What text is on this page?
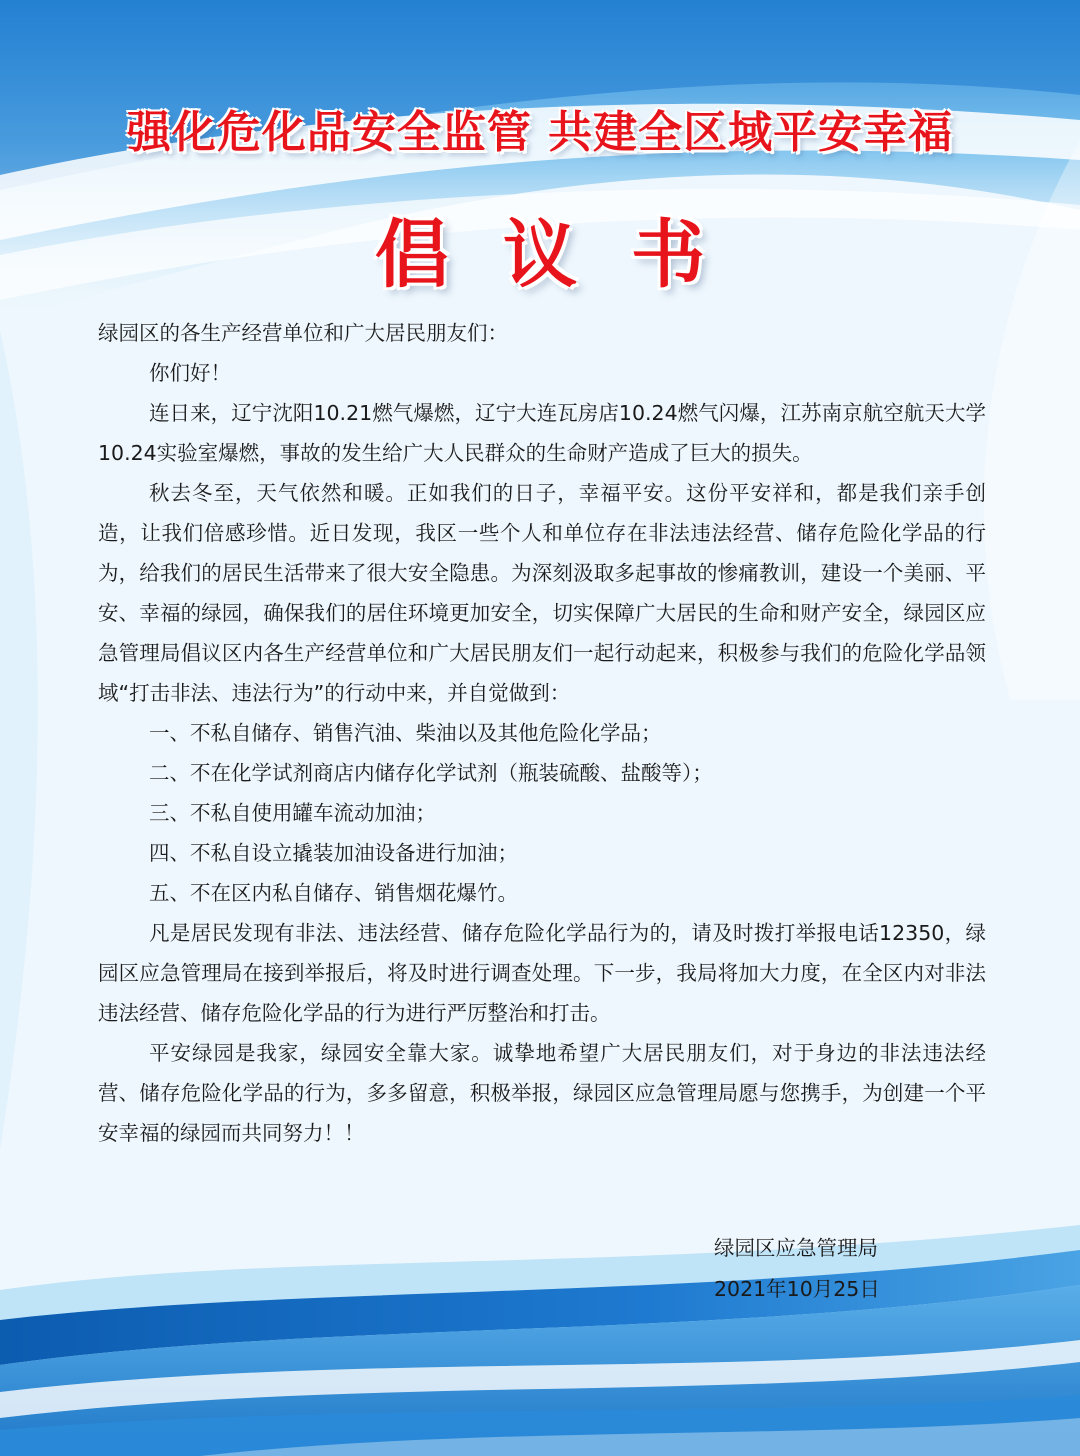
强化危化品安全监管 共建全区域平安幸福
倡议书

绿园区的各生产经营单位和广大居民朋友们：

你们好！

连日来，辽宁沈阳10.21燃气爆燃，辽宁大连瓦房店10.24燃气闪爆，江苏南京航空航天大学10.24实验室爆燃，事故的发生给广大人民群众的生命财产造成了巨大的损失。

秋去冬至，天气依然和暖。正如我们的日子，幸福平安。这份平安祥和，都是我们亲手创造，让我们倍感珍惜。近日发现，我区一些个人和单位存在非法违法经营、储存危险化学品的行为，给我们的居民生活带来了很大安全隐患。为深刻汲取多起事故的惨痛教训，建设一个美丽、平安、幸福的绿园，确保我们的居住环境更加安全，切实保障广大居民的生命和财产安全，绿园区应急管理局倡议区内各生产经营单位和广大居民朋友们一起行动起来，积极参与我们的危险化学品领域“打击非法、违法行为”的行动中来，并自觉做到：

一、不私自储存、销售汽油、柴油以及其他危险化学品；

二、不在化学试剂商店内储存化学试剂（瓶装硫酸、盐酸等）；

三、不私自使用罐车流动加油；

四、不私自设立撬装加油设备进行加油；

五、不在区内私自储存、销售烟花爆竹。

凡是居民发现有非法、违法经营、储存危险化学品行为的，请及时拨打举报电话12350，绿园区应急管理局在接到举报后，将及时进行调查处理。下一步，我局将加大力度，在全区内对非法违法经营、储存危险化学品的行为进行严厉整治和打击。

平安绿园是我家，绿园安全靠大家。诚挚地希望广大居民朋友们，对于身边的非法违法经营、储存危险化学品的行为，多多留意，积极举报，绿园区应急管理局愿与您携手，为创建一个平安幸福的绿园而共同努力！！

绿园区应急管理局
2021年10月25日
